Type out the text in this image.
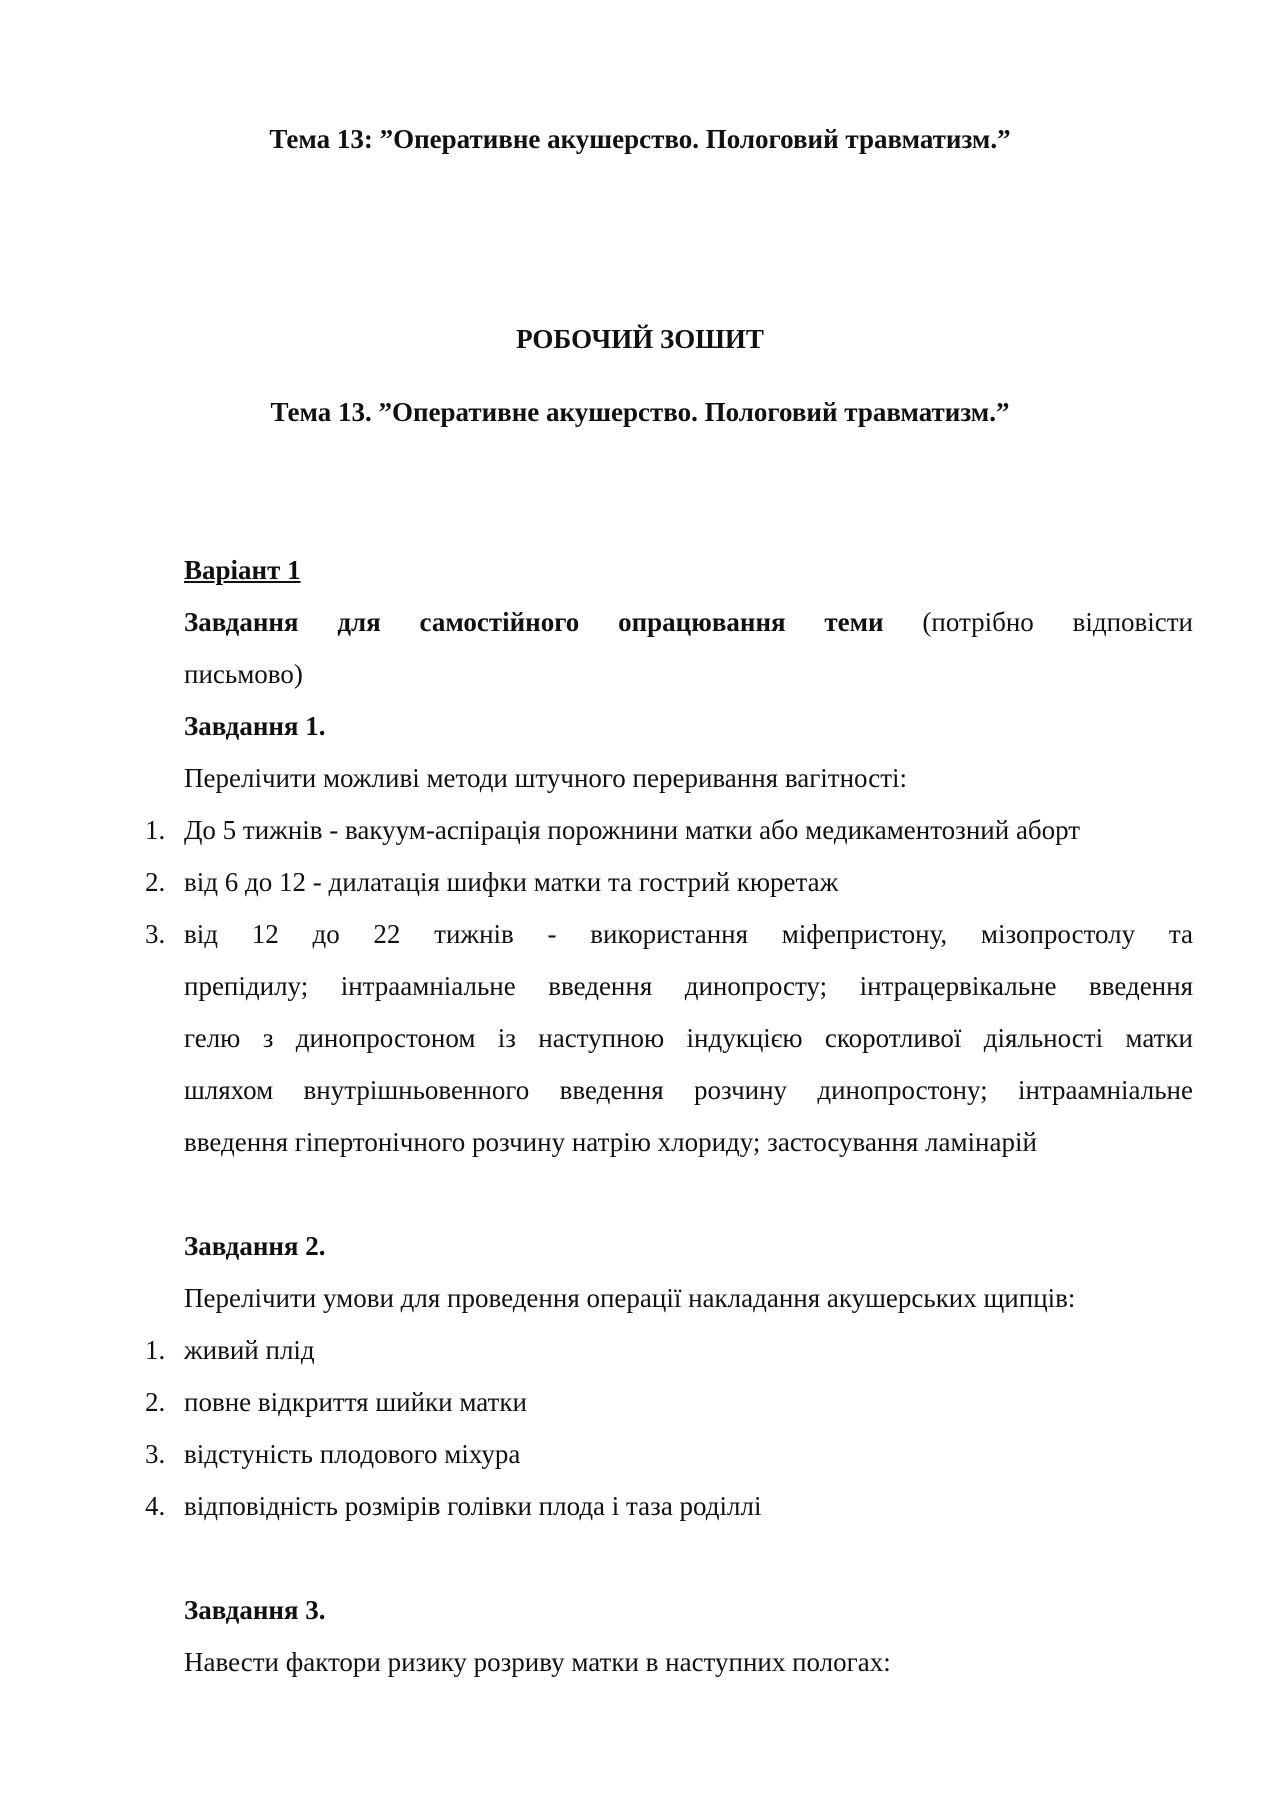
Тема 13: ”Оперативне акушерство. Пологовий травматизм.”
РОБОЧИЙ ЗОШИТ
Тема 13. ”Оперативне акушерство. Пологовий травматизм.”
Варіант 1
Завдання для самостійного опрацювання теми (потрібно відповісти
письмово)
Завдання 1.
Перелічити можливі методи штучного переривання вагітності:
1. До 5 тижнів - вакуум-аспірація порожнини матки або медикаментозний аборт
2. від 6 до 12 - дилатація шифки матки та гострий кюретаж
3. від 12 до 22 тижнів - використання міфепристону, мізопростолу та
препідилу; інтраамніальне введення динопросту; інтрацервікальне введення
гелю з динопростоном із наступною індукцією скоротливої діяльності матки
шляхом внутрішньовенного введення розчину динопростону; інтраамніальне
введення гіпертонічного розчину натрію хлориду; застосування ламінарій
Завдання 2.
Перелічити умови для проведення операції накладання акушерських щипців:
1. живий плід
2. повне відкриття шийки матки
3. відстуність плодового міхура
4. відповідність розмірів голівки плода і таза роділлі
Завдання 3.
Навести фактори ризику розриву матки в наступних пологах:
